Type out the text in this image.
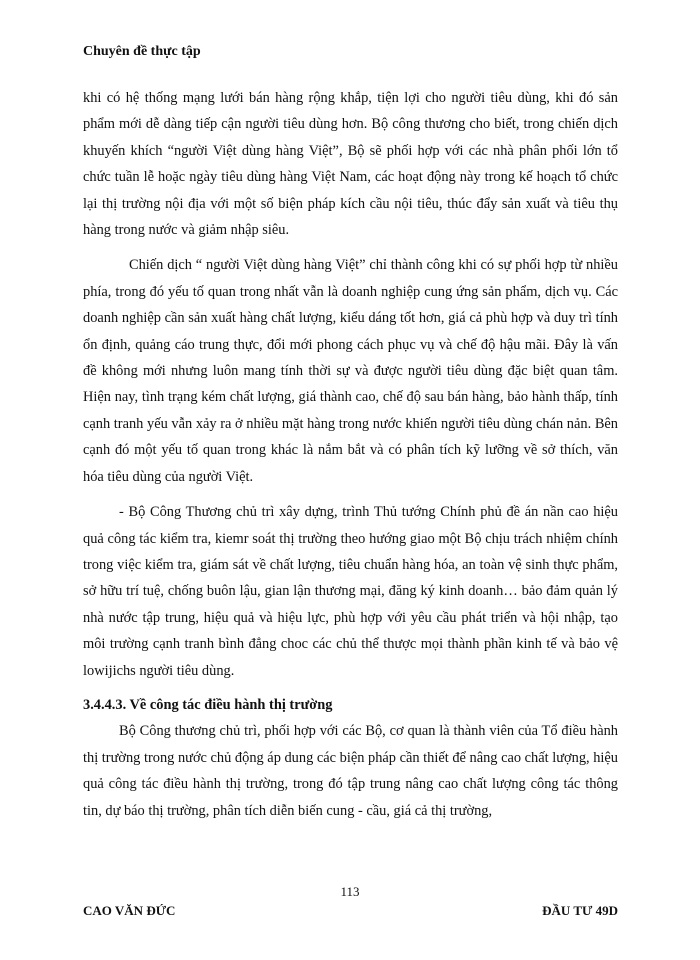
Chuyên đề thực tập

khi có hệ thống mạng lưới bán hàng rộng khắp, tiện lợi cho người tiêu dùng, khi đó sản phẩm mới dễ dàng tiếp cận người tiêu dùng hơn. Bộ công thương cho biết, trong chiến dịch khuyến khích “người Việt dùng hàng Việt”, Bộ sẽ phối hợp với các nhà phân phối lớn tổ chức tuần lễ hoặc ngày tiêu dùng hàng Việt Nam, các hoạt động này trong kế hoạch tổ chức lại thị trường nội địa với một số biện pháp kích cầu nội tiêu, thúc đẩy sản xuất và tiêu thụ hàng trong nước và giảm nhập siêu.

Chiến dịch “ người Việt dùng hàng Việt” chỉ thành công khi có sự phối hợp từ nhiều phía, trong đó yếu tố quan trong nhất vẫn là doanh nghiệp cung ứng sản phẩm, dịch vụ. Các doanh nghiệp cần sản xuất hàng chất lượng, kiểu dáng tốt hơn, giá cả phù hợp và duy trì tính ổn định, quảng cáo trung thực, đổi mới phong cách phục vụ và chế độ hậu mãi. Đây là vấn đề không mới nhưng luôn mang tính thời sự và được người tiêu dùng đặc biệt quan tâm. Hiện nay, tình trạng kém chất lượng, giá thành cao, chế độ sau bán hàng, bảo hành thấp, tính cạnh tranh yếu vẫn xảy ra ở nhiều mặt hàng trong nước khiến người tiêu dùng chán nản. Bên cạnh đó một yếu tố quan trong khác là nắm bắt và có phân tích kỹ lưỡng về sở thích, văn hóa tiêu dùng của người Việt.

- Bộ Công Thương chủ trì xây dựng, trình Thủ tướng Chính phủ đề án nần cao hiệu quả công tác kiểm tra, kiemr soát thị trường theo hướng giao một Bộ chịu trách nhiệm chính trong việc kiểm tra, giám sát về chất lượng, tiêu chuẩn hàng hóa, an toàn vệ sinh thực phẩm, sở hữu trí tuệ, chống buôn lậu, gian lận thương mại, đăng ký kinh doanh… bảo đảm quản lý nhà nước tập trung, hiệu quả và hiệu lực, phù hợp với yêu cầu phát triển và hội nhập, tạo môi trường cạnh tranh bình đẳng choc các chủ thể thược mọi thành phần kinh tế và bảo vệ lowijichs người tiêu dùng.

3.4.4.3. Về công tác điều hành thị trường

Bộ Công thương chủ trì, phối hợp với các Bộ, cơ quan là thành viên của Tổ điều hành thị trường trong nước chủ động áp dung các biện pháp cần thiết để nâng cao chất lượng, hiệu quả công tác điều hành thị trường, trong đó tập trung nâng cao chất lượng công tác thông tin, dự báo thị trường, phân tích diễn biến cung - cầu, giá cả thị trường,

113
CAO VĂN ĐỨC	ĐẦU TƯ 49D
